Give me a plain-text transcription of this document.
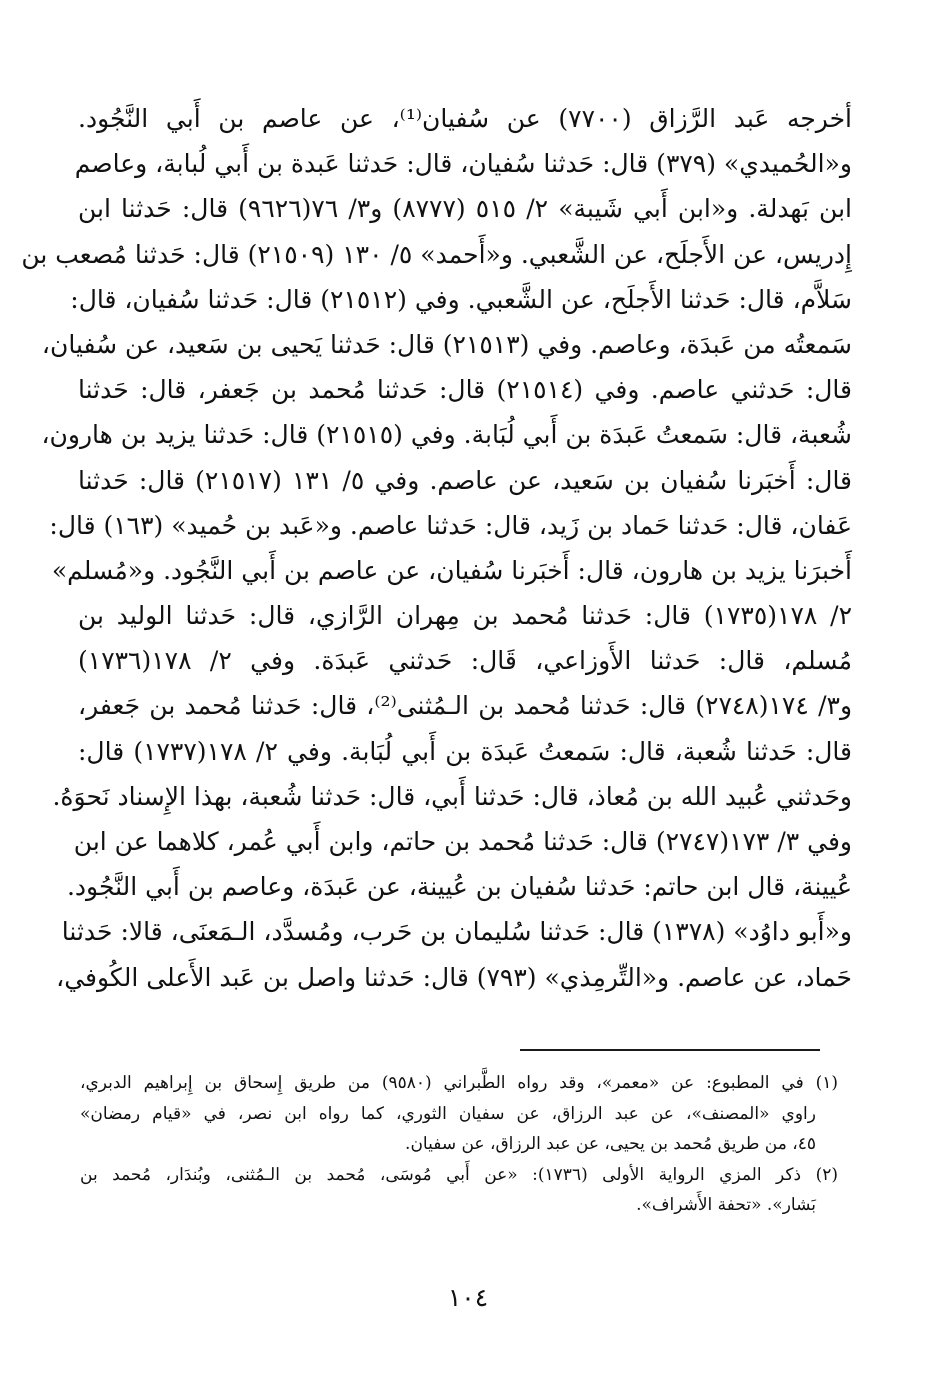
أخرجه عَبد الرَّزاق (٧٧٠٠) عن سُفيان⁽¹⁾، عن عاصم بن أَبي النَّجُود.
و«الحُميدي» (٣٧٩) قال: حَدثنا سُفيان، قال: حَدثنا عَبدة بن أَبي لُبابة، وعاصم
ابن بَهدلة. و«ابن أَبي شَيبة» ٢/ ٥١٥ (٨٧٧٧) و٣/ ٧٦(٩٦٢٦) قال: حَدثنا ابن
إِدريس، عن الأَجلَح، عن الشَّعبي. و«أَحمد» ٥/ ١٣٠ (٢١٥٠٩) قال: حَدثنا مُصعب بن
سَلاَّم، قال: حَدثنا الأَجلَح، عن الشَّعبي. وفي (٢١٥١٢) قال: حَدثنا سُفيان، قال:
سَمعتُه من عَبدَة، وعاصم. وفي (٢١٥١٣) قال: حَدثنا يَحيى بن سَعيد، عن سُفيان،
قال: حَدثني عاصم. وفي (٢١٥١٤) قال: حَدثنا مُحمد بن جَعفر، قال: حَدثنا
شُعبة، قال: سَمعتُ عَبدَة بن أَبي لُبَابة. وفي (٢١٥١٥) قال: حَدثنا يزيد بن هارون،
قال: أَخبَرنا سُفيان بن سَعيد، عن عاصم. وفي ٥/ ١٣١ (٢١٥١٧) قال: حَدثنا
عَفان، قال: حَدثنا حَماد بن زَيد، قال: حَدثنا عاصم. و«عَبد بن حُميد» (١٦٣) قال:
أَخبرَنا يزيد بن هارون، قال: أَخبَرنا سُفيان، عن عاصم بن أَبي النَّجُود. و«مُسلم»
٢/ ١٧٨(١٧٣٥) قال: حَدثنا مُحمد بن مِهران الرَّازي، قال: حَدثنا الوليد بن
مُسلم، قال: حَدثنا الأَوزاعي، قَال: حَدثني عَبدَة. وفي ٢/ ١٧٨(١٧٣٦)
و٣/ ١٧٤(٢٧٤٨) قال: حَدثنا مُحمد بن الـمُثنى⁽²⁾، قال: حَدثنا مُحمد بن جَعفر،
قال: حَدثنا شُعبة، قال: سَمعتُ عَبدَة بن أَبي لُبَابة. وفي ٢/ ١٧٨(١٧٣٧) قال:
وحَدثني عُبيد الله بن مُعاذ، قال: حَدثنا أَبي، قال: حَدثنا شُعبة، بهذا الإِسناد نَحوَهُ.
وفي ٣/ ١٧٣(٢٧٤٧) قال: حَدثنا مُحمد بن حاتم، وابن أَبي عُمر، كلاهما عن ابن
عُيينة، قال ابن حاتم: حَدثنا سُفيان بن عُيينة، عن عَبدَة، وعاصم بن أَبي النَّجُود.
و«أَبو داوُد» (١٣٧٨) قال: حَدثنا سُليمان بن حَرب، ومُسدَّد، الـمَعنَى، قالا: حَدثنا
حَماد، عن عاصم. و«التِّرمِذي» (٧٩٣) قال: حَدثنا واصل بن عَبد الأَعلى الكُوفي،
(١) في المطبوع: عن «معمر»، وقد رواه الطَّبراني (٩٥٨٠) من طريق إِسحاق بن إِبراهيم الدبري،
راوي «المصنف»، عن عبد الرزاق، عن سفيان الثوري، كما رواه ابن نصر، في «قيام رمضان»
٤٥، من طريق مُحمد بن يحيى، عن عبد الرزاق، عن سفيان.
(٢) ذكر المزي الرواية الأولى (١٧٣٦): «عن أَبي مُوسَى، مُحمد بن الـمُثنى، وبُندَار، مُحمد بن
بَشار». «تحفة الأَشراف».
١٠٤
